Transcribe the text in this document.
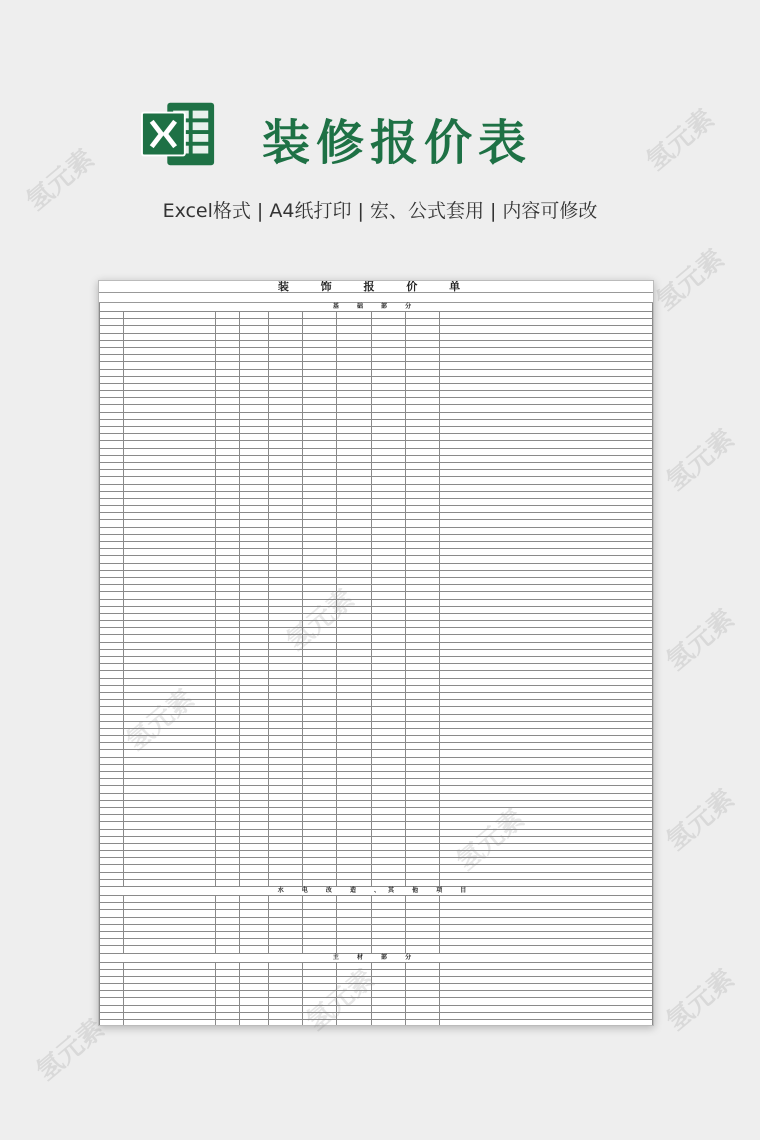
装修报价表
Excel格式 | A4纸打印 | 宏、公式套用 | 内容可修改
装 饰 报 价 单
基 础 部 分

水 电 改 造 、其 他 项 目

主 材 部 分

氢元素
氢元素
氢元素
氢元素
氢元素
氢元素
氢元素
氢元素
